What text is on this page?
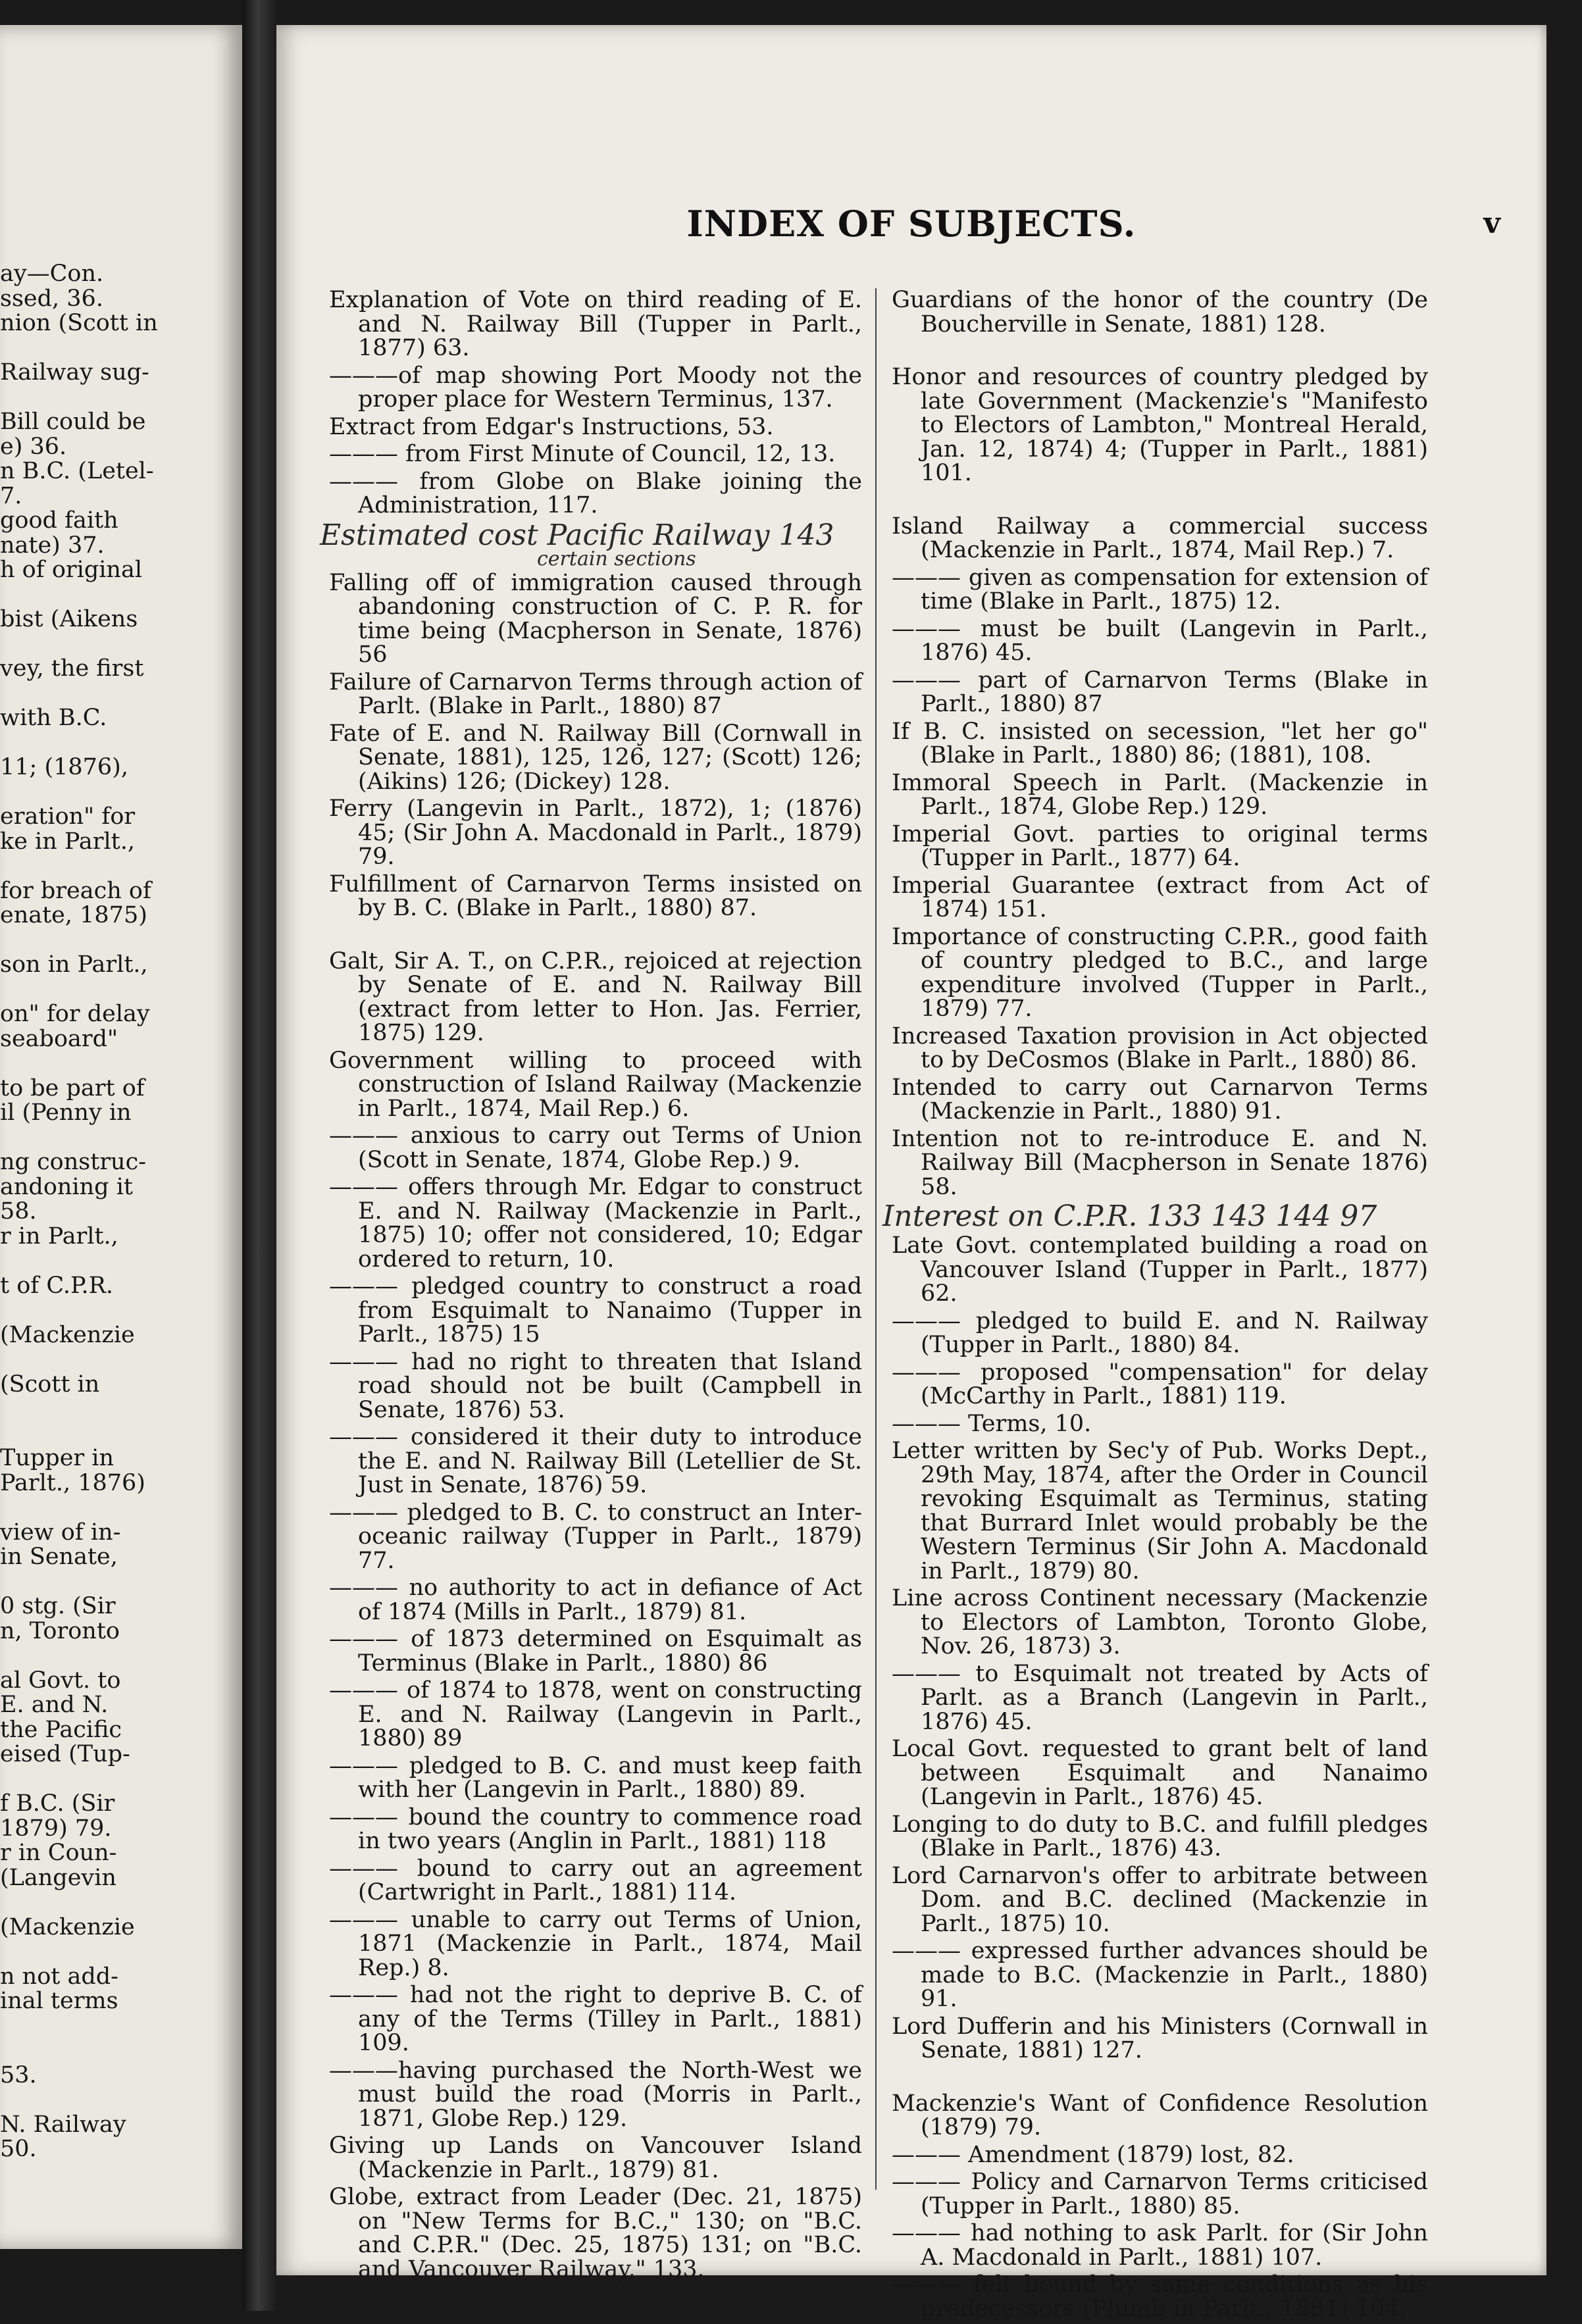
ay—Con.
ssed, 36.
nion (Scott in
Railway sug-
Bill could be
e) 36.
n B.C. (Letel-
7.
good faith
nate) 37.
h of original
bist (Aikens
vey, the first
with B.C.
11; (1876),
eration" for
ke in Parlt.,
for breach of
enate, 1875)
son in Parlt.,
on" for delay
seaboard"
to be part of
il (Penny in
ng construc-
andoning it
58.
r in Parlt.,
t of C.P.R.
(Mackenzie
(Scott in
Tupper in
Parlt., 1876)
view of in-
in Senate,
0 stg. (Sir
n, Toronto
al Govt. to
E. and N.
the Pacific
eised (Tup-
f B.C. (Sir
1879) 79.
r in Coun-
(Langevin
(Mackenzie
n not add-
inal terms
53.
N. Railway
50.
INDEX OF SUBJECTS.	v

Explanation of Vote on third reading of E. and N. Railway Bill (Tupper in Parlt., 1877) 63.

———of map showing Port Moody not the proper place for Western Terminus, 137.

Extract from Edgar's Instructions, 53.

——— from First Minute of Council, 12, 13.

——— from Globe on Blake joining the Administration, 117.

Estimated cost Pacific Railway 143
certain sections

Falling off of immigration caused through abandoning construction of C. P. R. for time being (Macpherson in Senate, 1876) 56

Failure of Carnarvon Terms through action of Parlt. (Blake in Parlt., 1880) 87

Fate of E. and N. Railway Bill (Cornwall in Senate, 1881), 125, 126, 127; (Scott) 126; (Aikins) 126; (Dickey) 128.

Ferry (Langevin in Parlt., 1872), 1; (1876) 45; (Sir John A. Macdonald in Parlt., 1879) 79.

Fulfillment of Carnarvon Terms insisted on by B. C. (Blake in Parlt., 1880) 87.

Galt, Sir A. T., on C.P.R., rejoiced at rejection by Senate of E. and N. Railway Bill (extract from letter to Hon. Jas. Ferrier, 1875) 129.

Government willing to proceed with construction of Island Railway (Mackenzie in Parlt., 1874, Mail Rep.) 6.

——— anxious to carry out Terms of Union (Scott in Senate, 1874, Globe Rep.) 9.

——— offers through Mr. Edgar to construct E. and N. Railway (Mackenzie in Parlt., 1875) 10; offer not considered, 10; Edgar ordered to return, 10.

——— pledged country to construct a road from Esquimalt to Nanaimo (Tupper in Parlt., 1875) 15

——— had no right to threaten that Island road should not be built (Campbell in Senate, 1876) 53.

——— considered it their duty to introduce the E. and N. Railway Bill (Letellier de St. Just in Senate, 1876) 59.

——— pledged to B. C. to construct an Inter-oceanic railway (Tupper in Parlt., 1879) 77.

——— no authority to act in defiance of Act of 1874 (Mills in Parlt., 1879) 81.

——— of 1873 determined on Esquimalt as Terminus (Blake in Parlt., 1880) 86

——— of 1874 to 1878, went on constructing E. and N. Railway (Langevin in Parlt., 1880) 89

——— pledged to B. C. and must keep faith with her (Langevin in Parlt., 1880) 89.

——— bound the country to commence road in two years (Anglin in Parlt., 1881) 118

——— bound to carry out an agreement (Cartwright in Parlt., 1881) 114.

——— unable to carry out Terms of Union, 1871 (Mackenzie in Parlt., 1874, Mail Rep.) 8.

——— had not the right to deprive B. C. of any of the Terms (Tilley in Parlt., 1881) 109.

———having purchased the North-West we must build the road (Morris in Parlt., 1871, Globe Rep.) 129.

Giving up Lands on Vancouver Island (Mackenzie in Parlt., 1879) 81.

Globe, extract from Leader (Dec. 21, 1875) on "New Terms for B.C.," 130; on "B.C. and C.P.R." (Dec. 25, 1875) 131; on "B.C. and Vancouver Railway," 133.

Guardians of the honor of the country (De Boucherville in Senate, 1881) 128.

Honor and resources of country pledged by late Government (Mackenzie's "Manifesto to Electors of Lambton," Montreal Herald, Jan. 12, 1874) 4; (Tupper in Parlt., 1881) 101.

Island Railway a commercial success (Mackenzie in Parlt., 1874, Mail Rep.) 7.

——— given as compensation for extension of time (Blake in Parlt., 1875) 12.

——— must be built (Langevin in Parlt., 1876) 45.

——— part of Carnarvon Terms (Blake in Parlt., 1880) 87

If B. C. insisted on secession, "let her go" (Blake in Parlt., 1880) 86; (1881), 108.

Immoral Speech in Parlt. (Mackenzie in Parlt., 1874, Globe Rep.) 129.

Imperial Govt. parties to original terms (Tupper in Parlt., 1877) 64.

Imperial Guarantee (extract from Act of 1874) 151.

Importance of constructing C.P.R., good faith of country pledged to B.C., and large expenditure involved (Tupper in Parlt., 1879) 77.

Increased Taxation provision in Act objected to by DeCosmos (Blake in Parlt., 1880) 86.

Intended to carry out Carnarvon Terms (Mackenzie in Parlt., 1880) 91.

Intention not to re-introduce E. and N. Railway Bill (Macpherson in Senate 1876) 58.

Interest on C.P.R. 133 143 144 97

Late Govt. contemplated building a road on Vancouver Island (Tupper in Parlt., 1877) 62.

——— pledged to build E. and N. Railway (Tupper in Parlt., 1880) 84.

——— proposed "compensation" for delay (McCarthy in Parlt., 1881) 119.

——— Terms, 10.

Letter written by Sec'y of Pub. Works Dept., 29th May, 1874, after the Order in Council revoking Esquimalt as Terminus, stating that Burrard Inlet would probably be the Western Terminus (Sir John A. Macdonald in Parlt., 1879) 80.

Line across Continent necessary (Mackenzie to Electors of Lambton, Toronto Globe, Nov. 26, 1873) 3.

——— to Esquimalt not treated by Acts of Parlt. as a Branch (Langevin in Parlt., 1876) 45.

Local Govt. requested to grant belt of land between Esquimalt and Nanaimo (Langevin in Parlt., 1876) 45.

Longing to do duty to B.C. and fulfill pledges (Blake in Parlt., 1876) 43.

Lord Carnarvon's offer to arbitrate between Dom. and B.C. declined (Mackenzie in Parlt., 1875) 10.

——— expressed further advances should be made to B.C. (Mackenzie in Parlt., 1880) 91.

Lord Dufferin and his Ministers (Cornwall in Senate, 1881) 127.

Mackenzie's Want of Confidence Resolution (1879) 79.

——— Amendment (1879) lost, 82.

——— Policy and Carnarvon Terms criticised (Tupper in Parlt., 1880) 85.

——— had nothing to ask Parlt. for (Sir John A. Macdonald in Parlt., 1881) 107.

——— felt bound by same conditions as his predecessors (Plumb in Parlt., 1881) 104.
